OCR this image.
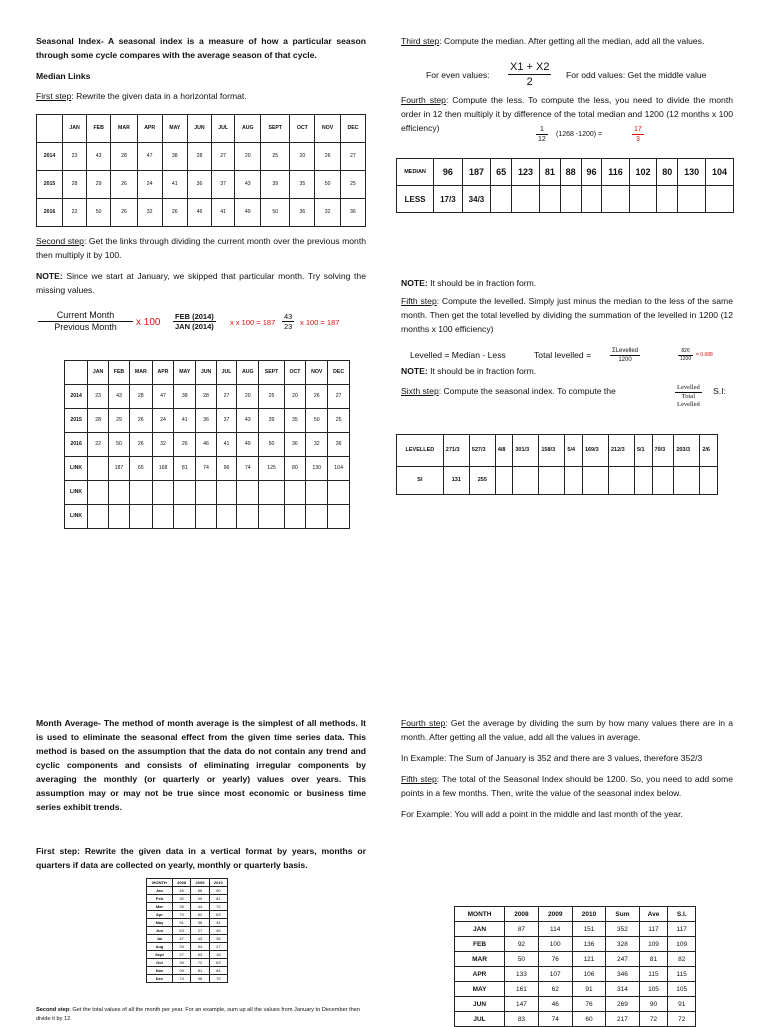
Seasonal Index- A seasonal index is a measure of how a particular season through some cycle compares with the average season of that cycle.

Median Links

First step: Rewrite the given data in a horizontal format.

	JAN	FEB	MAR	APR	MAY	JUN	JUL	AUG	SEPT	OCT	NOV	DEC
2014	23	43	28	47	38	28	27	20	25	20	26	27
2015	28	29	26	24	41	36	37	43	39	35	50	25
2016	22	50	26	32	26	46	41	49	50	36	32	36

Second step: Get the links through dividing the current month over the previous month then multiply it by 100.

NOTE: Since we start at January, we skipped that particular month. Try solving the missing values.

Current Month
Previous Month	x 100
FEB (2014)
JAN (2014) x x $100 = 187 \frac{43}{23}$ x 100 = 187
	JAN	FEB	MAR	APR	MAY	JUN	JUL	AUG	SEPT	OCT	NOV	DEC
2014	23	43	28	47	38	28	27	20	25	20	26	27
2015	28	29	26	24	41	36	37	43	39	35	50	25
2016	22	50	26	32	26	46	41	49	50	36	32	36
LINK		187	65	168	81	74	96	74	125	80	130	104
LINK												
LINK												

Third step: Compute the median. After getting all the median, add all the values.

For even values: $\frac{X1 + X2}{2}$ For odd values: Get the middle value

Fourth step: Compute the less. To compute the less, you need to divide the month order in 12 then multiply it by difference of the total median and 1200 (12 months x 100 efficiency)	$\frac{1}{12} (1268$ -1200) =	$\frac{17}{3}$
MEDIAN	96	187	65	123	81	88	96	116	102	80	130	104
LESS	17/3	34/3										

NOTE: It should be in fraction form.

Fifth step: Compute the levelled. Simply just minus the median to the less of the same month. Then get the total levelled by dividing the summation of the levelled in 1200 (12 months x 100 efficiency)

Levelled = Median - Less	Total levelled =	ΣLevelled
1200	$\frac{826}{1200} = 0.688$

NOTE: It should be in fraction form.

Sixth step: Compute the seasonal index. To compute the	Levelled
Total
Levelled
S.I:
LEVELLED	271/3	527/3	4/8	301/3	158/3	5/4	169/3	212/3	5/1	70/3	203/3	2/6
SI	131	255										

Month Average- The method of month average is the simplest of all methods. It is used to eliminate the seasonal effect from the given time series data. This method is based on the assumption that the data do not contain any trend and cyclic components and consists of eliminating irregular components by averaging the monthly (or quarterly or yearly) values over years. This assumption may or may not be true since most economic or business time series exhibit trends.

First step: Rewrite the given data in a vertical format by years, months or quarters if data are collected on yearly, monthly or quarterly basis.

MONTH	2008	2009	2010
Jan	45	66	90
Feb	32	09	81
Mar	26	44	72
Apr	70	62	63
May	91	36	34
Jun	63	27	45
Jul	47	43	36
Aug	33	54	27
Sept	27	63	18
Oct	39	72	63
Nov	09	81	84
Dec	74	96	79
Second step: Get the total values of all the month per year. For an example, sum up all the values from January to December then divide it by 12.

Fourth step: Get the average by dividing the sum by how many values there are in a month. After getting all the value, add all the values in average.

In Example: The Sum of January is 352 and there are 3 values, therefore 352/3

Fifth step: The total of the Seasonal Index should be 1200. So, you need to add some points in a few months. Then, write the value of the seasonal index below.

For Example: You will add a point in the middle and last month of the year.

MONTH	2008	2009	2010	Sum	Ave	S.I.
JAN	87	114	151	352	117	117
FEB	92	100	136	328	109	109
MAR	50	76	121	247	81	82
APR	133	107	106	346	115	115
MAY	161	62	91	314	105	105
JUN	147	46	76	269	90	91
JUL	83	74	60	217	72	72
